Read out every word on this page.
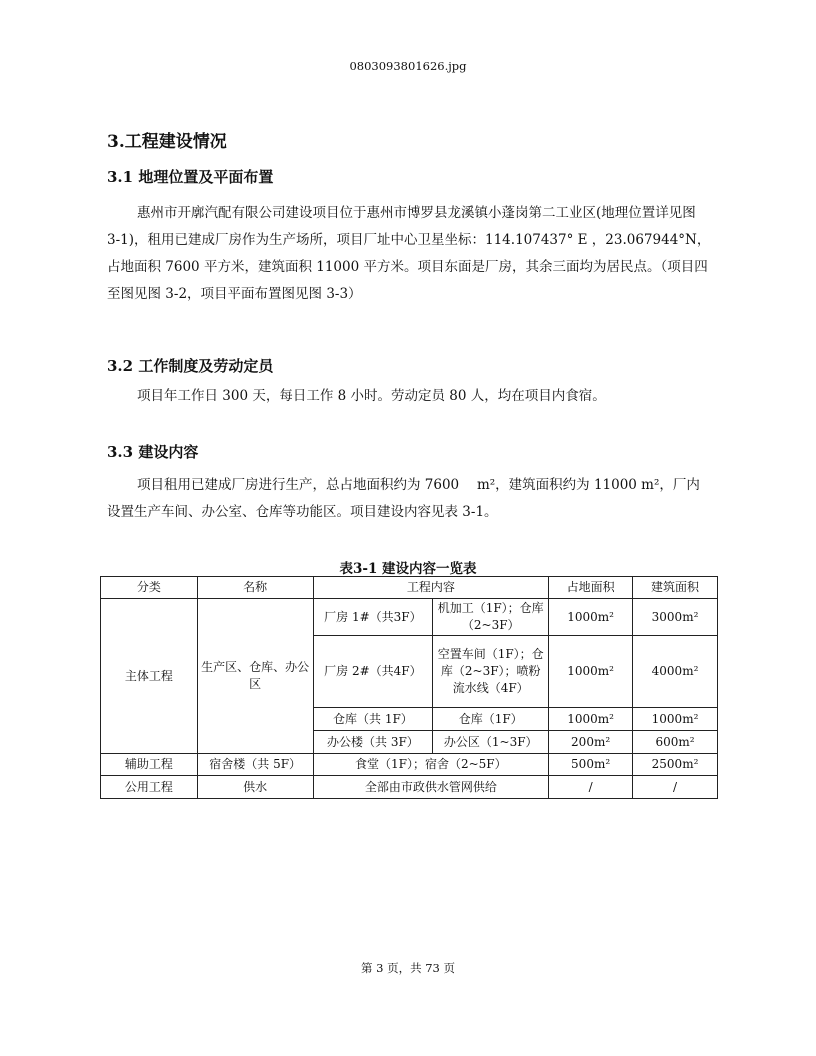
0803093801626.jpg
3.工程建设情况
3.1 地理位置及平面布置
惠州市开廓汽配有限公司建设项目位于惠州市博罗县龙溪镇小蓬岗第二工业区(地理位置详见图 3-1)，租用已建成厂房作为生产场所，项目厂址中心卫星坐标：114.107437° E ，23.067944°N，占地面积 7600 平方米，建筑面积 11000 平方米。项目东面是厂房，其余三面均为居民点。（项目四至图见图 3-2，项目平面布置图见图 3-3）
3.2 工作制度及劳动定员
项目年工作日 300 天，每日工作 8 小时。劳动定员 80 人，均在项目内食宿。
3.3 建设内容
项目租用已建成厂房进行生产，总占地面积约为 7600　 m²，建筑面积约为 11000 m²，厂内设置生产车间、办公室、仓库等功能区。项目建设内容见表 3-1。
表3-1 建设内容一览表
分类	名称	工程内容		占地面积	建筑面积
主体工程	生产区、仓库、办公区	厂房 1#（共3F）	机加工（1F）；仓库（2~3F）	1000m²	3000m²
		厂房 2#（共4F）	空置车间（1F）；仓库（2~3F）；喷粉流水线（4F）	1000m²	4000m²
		仓库（共 1F）	仓库（1F）	1000m²	1000m²
		办公楼（共 3F）	办公区（1~3F）	200m²	600m²
辅助工程	宿舍楼（共 5F）	食堂（1F）；宿舍（2~5F）		500m²	2500m²
公用工程	供水	全部由市政供水管网供给		/	/
第 3 页，共 73 页
